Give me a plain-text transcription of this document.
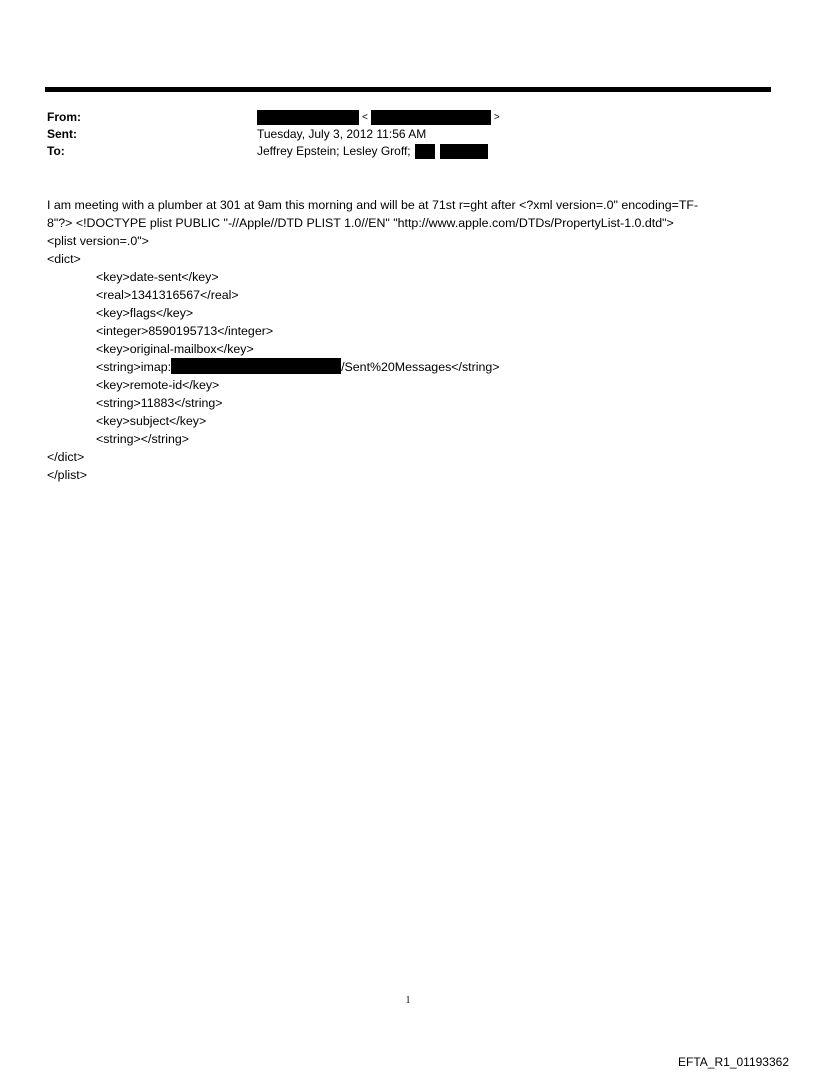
From:	<	>
Sent:	Tuesday, July 3, 2012 11:56 AM
To:	Jeffrey Epstein; Lesley Groff;
I am meeting with a plumber at 301 at 9am this morning and will be at 71st r=ght after <?xml version=.0" encoding=TF-
8"?> <!DOCTYPE plist PUBLIC "-//Apple//DTD PLIST 1.0//EN" "http://www.apple.com/DTDs/PropertyList-1.0.dtd">
<plist version=.0">
<dict>
<key>date-sent</key>
<real>1341316567</real>
<key>flags</key>
<integer>8590195713</integer>
<key>original-mailbox</key>
<string>imap:	/Sent%20Messages</string>
<key>remote-id</key>
<string>11883</string>
<key>subject</key>
<string></string>
</dict>
</plist>
1
EFTA_R1_01193362
